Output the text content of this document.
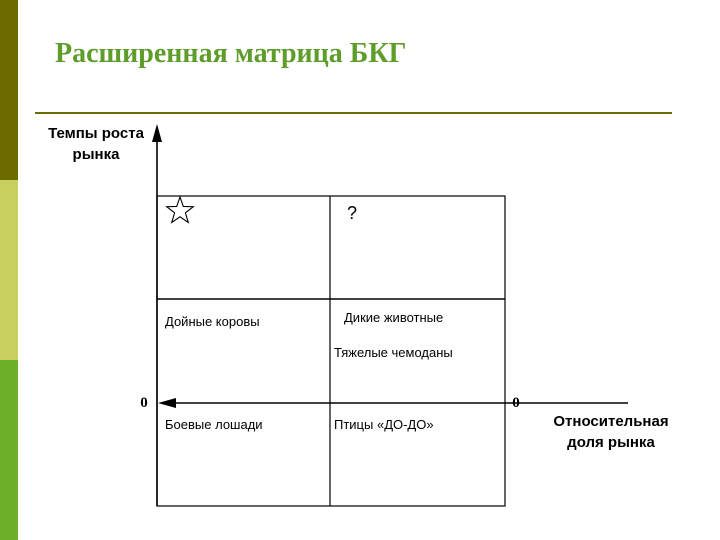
Расширенная матрица БКГ
Темпы роста
рынка
Относительная
доля рынка
0	0
?
Дойные коровы	Дикие животные
Тяжелые чемоданы
Боевые лошади	Птицы «ДО-ДО»
